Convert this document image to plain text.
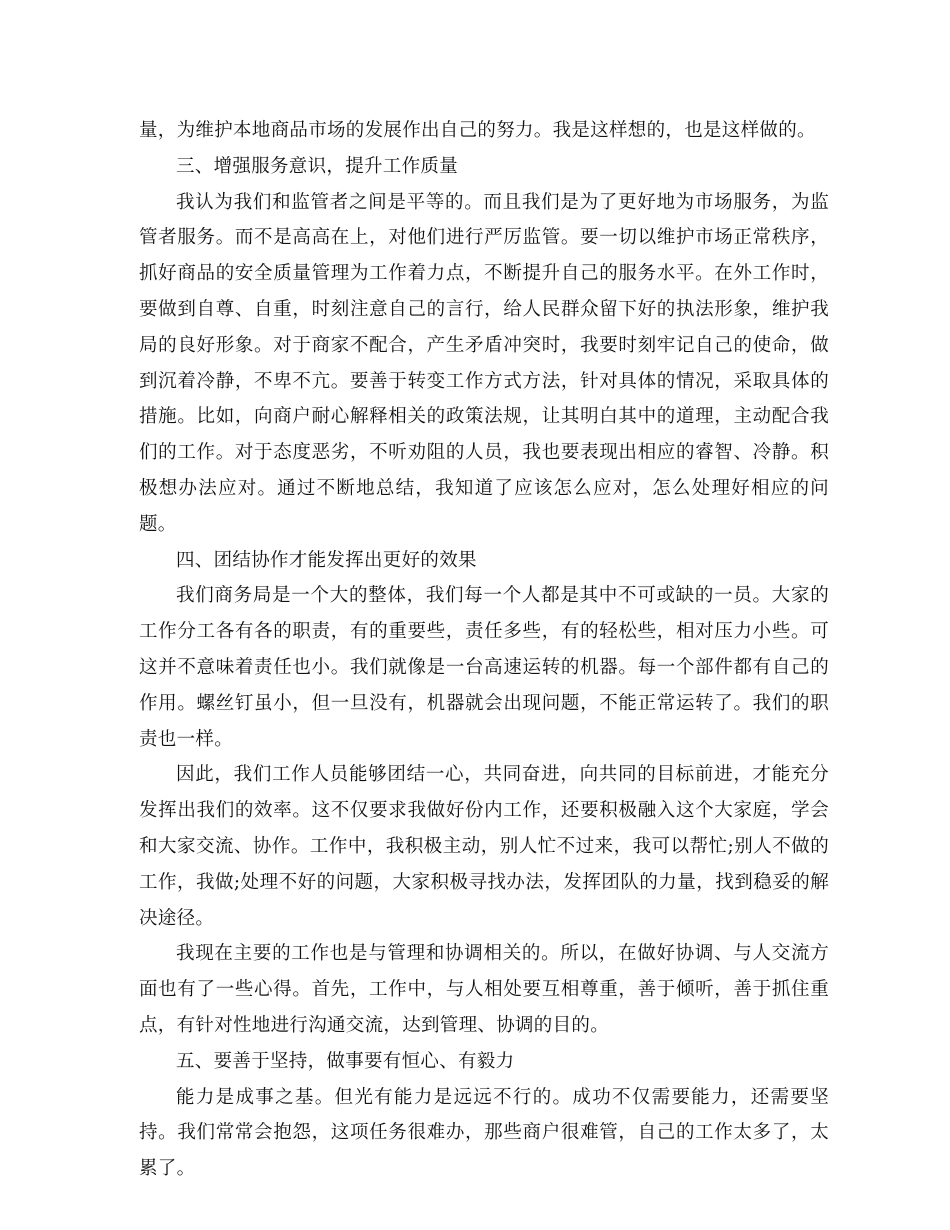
量，为维护本地商品市场的发展作出自己的努力。我是这样想的，也是这样做的。

三、增强服务意识，提升工作质量

我认为我们和监管者之间是平等的。而且我们是为了更好地为市场服务，为监管者服务。而不是高高在上，对他们进行严厉监管。要一切以维护市场正常秩序，抓好商品的安全质量管理为工作着力点，不断提升自己的服务水平。在外工作时，要做到自尊、自重，时刻注意自己的言行，给人民群众留下好的执法形象，维护我局的良好形象。对于商家不配合，产生矛盾冲突时，我要时刻牢记自己的使命，做到沉着冷静，不卑不亢。要善于转变工作方式方法，针对具体的情况，采取具体的措施。比如，向商户耐心解释相关的政策法规，让其明白其中的道理，主动配合我们的工作。对于态度恶劣，不听劝阻的人员，我也要表现出相应的睿智、冷静。积极想办法应对。通过不断地总结，我知道了应该怎么应对，怎么处理好相应的问题。

四、团结协作才能发挥出更好的效果

我们商务局是一个大的整体，我们每一个人都是其中不可或缺的一员。大家的工作分工各有各的职责，有的重要些，责任多些，有的轻松些，相对压力小些。可这并不意味着责任也小。我们就像是一台高速运转的机器。每一个部件都有自己的作用。螺丝钉虽小，但一旦没有，机器就会出现问题，不能正常运转了。我们的职责也一样。

因此，我们工作人员能够团结一心，共同奋进，向共同的目标前进，才能充分发挥出我们的效率。这不仅要求我做好份内工作，还要积极融入这个大家庭，学会和大家交流、协作。工作中，我积极主动，别人忙不过来，我可以帮忙;别人不做的工作，我做;处理不好的问题，大家积极寻找办法，发挥团队的力量，找到稳妥的解决途径。

我现在主要的工作也是与管理和协调相关的。所以，在做好协调、与人交流方面也有了一些心得。首先，工作中，与人相处要互相尊重，善于倾听，善于抓住重点，有针对性地进行沟通交流，达到管理、协调的目的。

五、要善于坚持，做事要有恒心、有毅力

能力是成事之基。但光有能力是远远不行的。成功不仅需要能力，还需要坚持。我们常常会抱怨，这项任务很难办，那些商户很难管，自己的工作太多了，太累了。
